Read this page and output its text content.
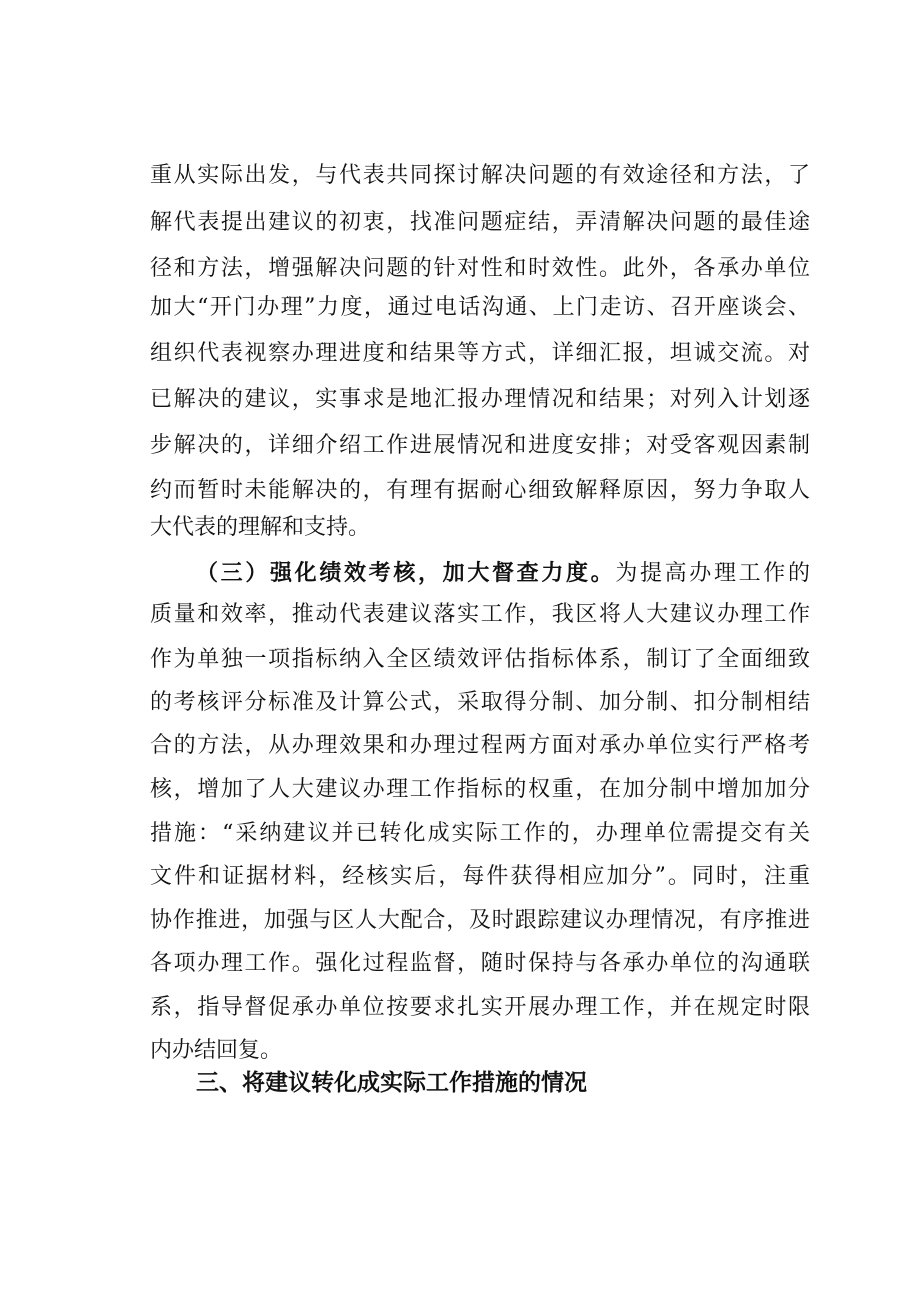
重从实际出发，与代表共同探讨解决问题的有效途径和方法，了
解代表提出建议的初衷，找准问题症结，弄清解决问题的最佳途
径和方法，增强解决问题的针对性和时效性。此外，各承办单位
加大“开门办理”力度，通过电话沟通、上门走访、召开座谈会、
组织代表视察办理进度和结果等方式，详细汇报，坦诚交流。对
已解决的建议，实事求是地汇报办理情况和结果；对列入计划逐
步解决的，详细介绍工作进展情况和进度安排；对受客观因素制
约而暂时未能解决的，有理有据耐心细致解释原因，努力争取人
大代表的理解和支持。
（三）强化绩效考核，加大督查力度。为提高办理工作的
质量和效率，推动代表建议落实工作，我区将人大建议办理工作
作为单独一项指标纳入全区绩效评估指标体系，制订了全面细致
的考核评分标准及计算公式，采取得分制、加分制、扣分制相结
合的方法，从办理效果和办理过程两方面对承办单位实行严格考
核，增加了人大建议办理工作指标的权重，在加分制中增加加分
措施：“采纳建议并已转化成实际工作的，办理单位需提交有关
文件和证据材料，经核实后，每件获得相应加分”。同时，注重
协作推进，加强与区人大配合，及时跟踪建议办理情况，有序推进
各项办理工作。强化过程监督，随时保持与各承办单位的沟通联
系，指导督促承办单位按要求扎实开展办理工作，并在规定时限
内办结回复。
三、将建议转化成实际工作措施的情况
